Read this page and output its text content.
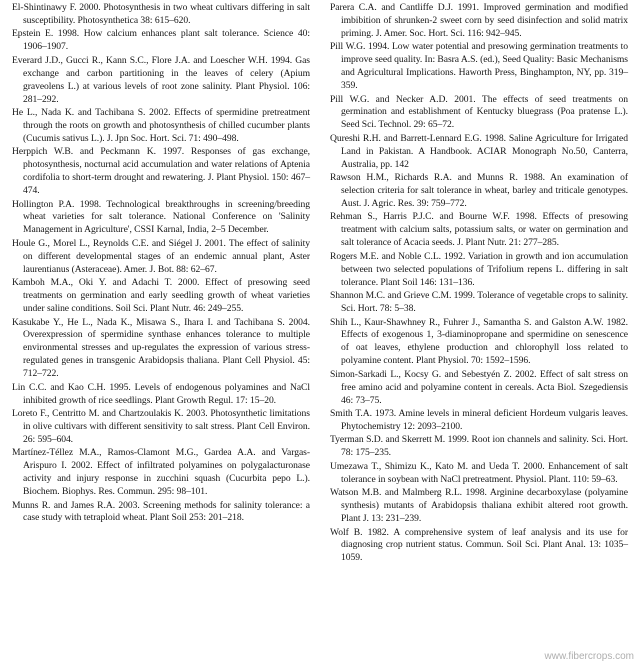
El-Shintinawy F. 2000. Photosynthesis in two wheat cultivars differing in salt susceptibility. Photosynthetica 38: 615–620.

Epstein E. 1998. How calcium enhances plant salt tolerance. Science 40: 1906–1907.

Everard J.D., Gucci R., Kann S.C., Flore J.A. and Loescher W.H. 1994. Gas exchange and carbon partitioning in the leaves of celery (Apium graveolens L.) at various levels of root zone salinity. Plant Physiol. 106: 281–292.

He L., Nada K. and Tachibana S. 2002. Effects of spermidine pretreatment through the roots on growth and photosynthesis of chilled cucumber plants (Cucumis sativus L.). J. Jpn Soc. Hort. Sci. 71: 490–498.

Herppich W.B. and Peckmann K. 1997. Responses of gas exchange, photosynthesis, nocturnal acid accumulation and water relations of Aptenia cordifolia to short-term drought and rewatering. J. Plant Physiol. 150: 467–474.

Hollington P.A. 1998. Technological breakthroughs in screening/breeding wheat varieties for salt tolerance. National Conference on 'Salinity Management in Agriculture', CSSI Karnal, India, 2–5 December.

Houle G., Morel L., Reynolds C.E. and Siégel J. 2001. The effect of salinity on different developmental stages of an endemic annual plant, Aster laurentianus (Asteraceae). Amer. J. Bot. 88: 62–67.

Kamboh M.A., Oki Y. and Adachi T. 2000. Effect of presowing seed treatments on germination and early seedling growth of wheat varieties under saline conditions. Soil Sci. Plant Nutr. 46: 249–255.

Kasukabe Y., He L., Nada K., Misawa S., Ihara I. and Tachibana S. 2004. Overexpression of spermidine synthase enhances tolerance to multiple environmental stresses and up-regulates the expression of various stress-regulated genes in transgenic Arabidopsis thaliana. Plant Cell Physiol. 45: 712–722.

Lin C.C. and Kao C.H. 1995. Levels of endogenous polyamines and NaCl inhibited growth of rice seedlings. Plant Growth Regul. 17: 15–20.

Loreto F., Centritto M. and Chartzoulakis K. 2003. Photosynthetic limitations in olive cultivars with different sensitivity to salt stress. Plant Cell Environ. 26: 595–604.

Martínez-Téllez M.A., Ramos-Clamont M.G., Gardea A.A. and Vargas-Arispuro I. 2002. Effect of infiltrated polyamines on polygalacturonase activity and injury response in zucchini squash (Cucurbita pepo L.). Biochem. Biophys. Res. Commun. 295: 98–101.

Munns R. and James R.A. 2003. Screening methods for salinity tolerance: a case study with tetraploid wheat. Plant Soil 253: 201–218.

Parera C.A. and Cantliffe D.J. 1991. Improved germination and modified imbibition of shrunken-2 sweet corn by seed disinfection and solid matrix priming. J. Amer. Soc. Hort. Sci. 116: 942–945.

Pill W.G. 1994. Low water potential and presowing germination treatments to improve seed quality. In: Basra A.S. (ed.), Seed Quality: Basic Mechanisms and Agricultural Implications. Haworth Press, Binghampton, NY, pp. 319–359.

Pill W.G. and Necker A.D. 2001. The effects of seed treatments on germination and establishment of Kentucky bluegrass (Poa pratense L.). Seed Sci. Technol. 29: 65–72.

Qureshi R.H. and Barrett-Lennard E.G. 1998. Saline Agriculture for Irrigated Land in Pakistan. A Handbook. ACIAR Monograph No.50, Canterra, Australia, pp. 142

Rawson H.M., Richards R.A. and Munns R. 1988. An examination of selection criteria for salt tolerance in wheat, barley and triticale genotypes. Aust. J. Agric. Res. 39: 759–772.

Rehman S., Harris P.J.C. and Bourne W.F. 1998. Effects of presowing treatment with calcium salts, potassium salts, or water on germination and salt tolerance of Acacia seeds. J. Plant Nutr. 21: 277–285.

Rogers M.E. and Noble C.L. 1992. Variation in growth and ion accumulation between two selected populations of Trifolium repens L. differing in salt tolerance. Plant Soil 146: 131–136.

Shannon M.C. and Grieve C.M. 1999. Tolerance of vegetable crops to salinity. Sci. Hort. 78: 5–38.

Shih L., Kaur-Shawhney R., Fuhrer J., Samantha S. and Galston A.W. 1982. Effects of exogenous 1, 3-diaminopropane and spermidine on senescence of oat leaves, ethylene production and chlorophyll loss related to polyamine content. Plant Physiol. 70: 1592–1596.

Simon-Sarkadi L., Kocsy G. and Sebestyén Z. 2002. Effect of salt stress on free amino acid and polyamine content in cereals. Acta Biol. Szegediensis 46: 73–75.

Smith T.A. 1973. Amine levels in mineral deficient Hordeum vulgaris leaves. Phytochemistry 12: 2093–2100.

Tyerman S.D. and Skerrett M. 1999. Root ion channels and salinity. Sci. Hort. 78: 175–235.

Umezawa T., Shimizu K., Kato M. and Ueda T. 2000. Enhancement of salt tolerance in soybean with NaCl pretreatment. Physiol. Plant. 110: 59–63.

Watson M.B. and Malmberg R.L. 1998. Arginine decarboxylase (polyamine synthesis) mutants of Arabidopsis thaliana exhibit altered root growth. Plant J. 13: 231–239.

Wolf B. 1982. A comprehensive system of leaf analysis and its use for diagnosing crop nutrient status. Commun. Soil Sci. Plant Anal. 13: 1035–1059.

www.fibercrops.com
